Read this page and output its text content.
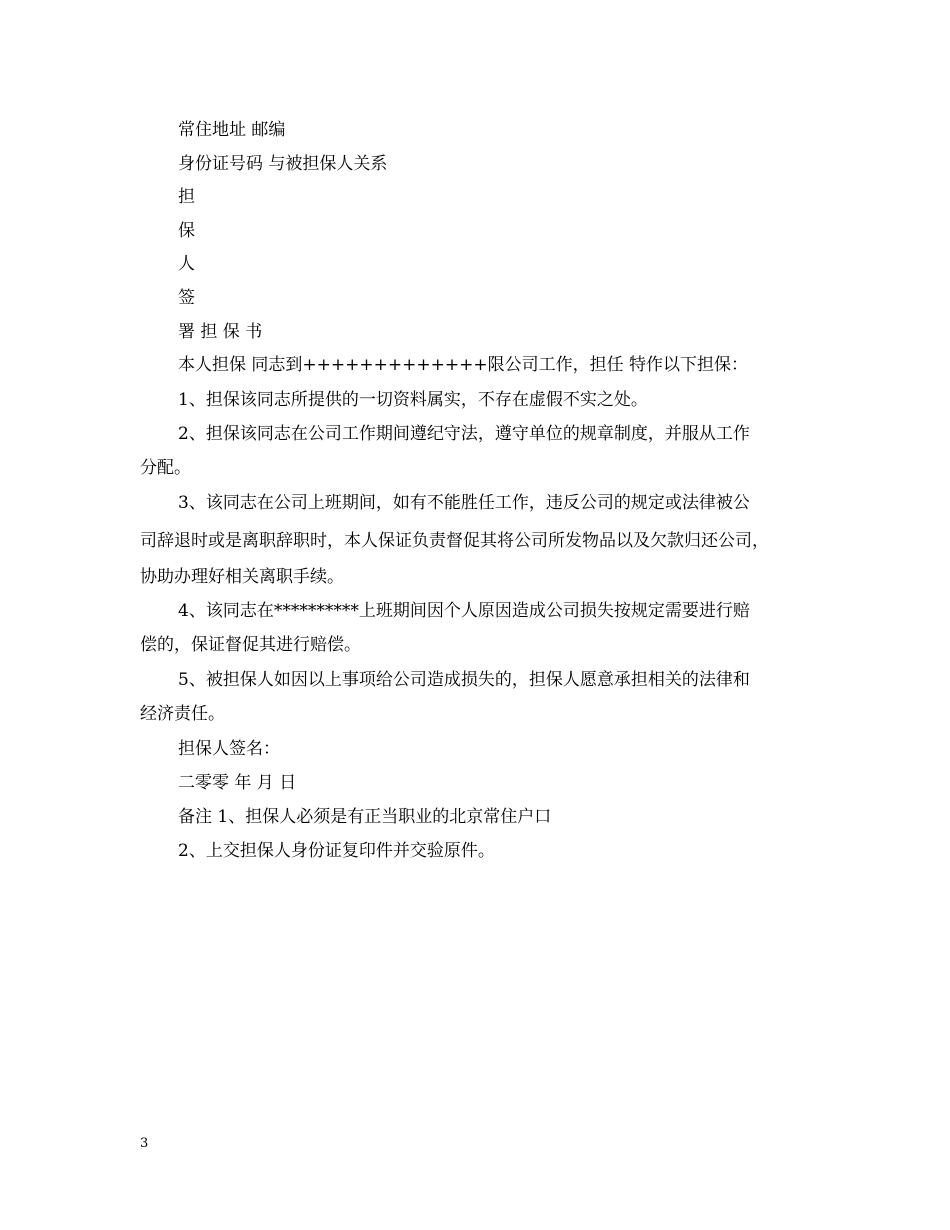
常住地址 邮编
身份证号码 与被担保人关系
担
保
人
签
署 担 保 书
本人担保 同志到+++++++++++++限公司工作，担任 特作以下担保：
1、担保该同志所提供的一切资料属实，不存在虚假不实之处。
2、担保该同志在公司工作期间遵纪守法，遵守单位的规章制度，并服从工作
分配。
3、该同志在公司上班期间，如有不能胜任工作，违反公司的规定或法律被公
司辞退时或是离职辞职时，本人保证负责督促其将公司所发物品以及欠款归还公司，
协助办理好相关离职手续。
4、该同志在**********上班期间因个人原因造成公司损失按规定需要进行赔
偿的，保证督促其进行赔偿。
5、被担保人如因以上事项给公司造成损失的，担保人愿意承担相关的法律和
经济责任。
担保人签名：
二零零 年 月 日
备注 1、担保人必须是有正当职业的北京常住户口
2、上交担保人身份证复印件并交验原件。
3
